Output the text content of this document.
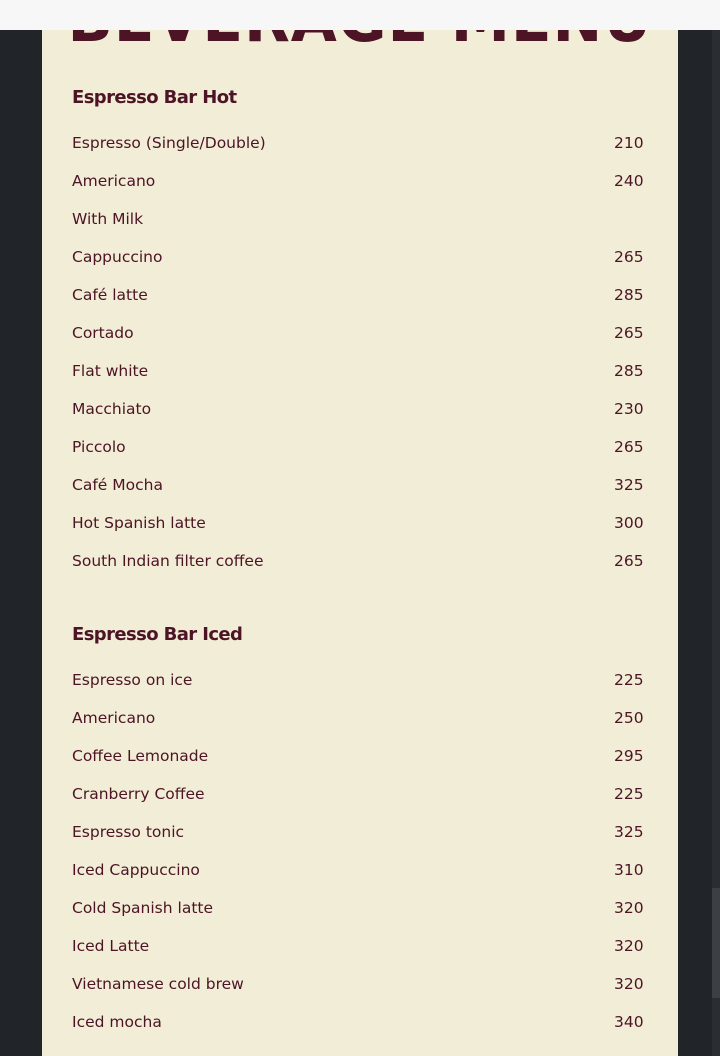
Espresso Bar Hot
Espresso (Single/Double)	210
Americano	240
With Milk
Cappuccino	265
Café latte	285
Cortado	265
Flat white	285
Macchiato	230
Piccolo	265
Café Mocha	325
Hot Spanish latte	300
South Indian filter coffee	265
Espresso Bar Iced
Espresso on ice	225
Americano	250
Coffee Lemonade	295
Cranberry Coffee	225
Espresso tonic	325
Iced Cappuccino	310
Cold Spanish latte	320
Iced Latte	320
Vietnamese cold brew	320
Iced mocha	340
